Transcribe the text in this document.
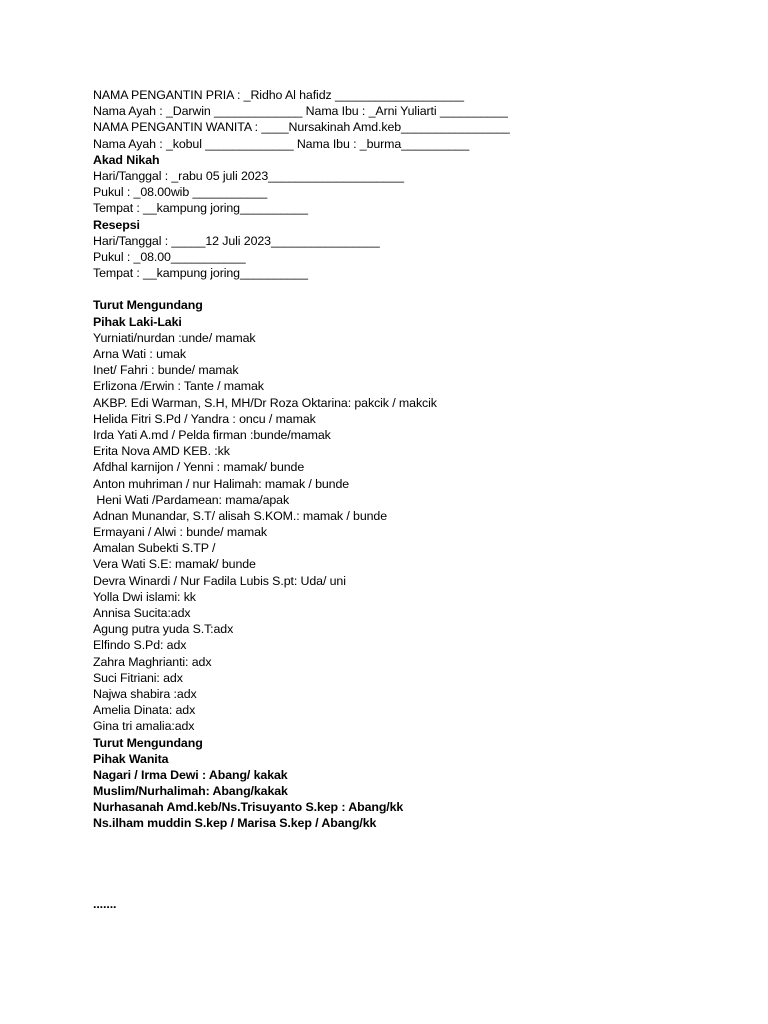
NAMA PENGANTIN PRIA : _Ridho Al hafidz ___________________
Nama Ayah : _Darwin _____________ Nama Ibu : _Arni Yuliarti __________
NAMA PENGANTIN WANITA : ____Nursakinah Amd.keb________________
Nama Ayah : _kobul _____________ Nama Ibu : _burma__________
Akad Nikah
Hari/Tanggal : _rabu 05 juli 2023____________________
Pukul : _08.00wib ___________
Tempat : __kampung joring__________
Resepsi
Hari/Tanggal : _____12 Juli 2023________________
Pukul : _08.00___________
Tempat : __kampung joring__________
Turut Mengundang
Pihak Laki-Laki
Yurniati/nurdan :unde/ mamak
Arna Wati : umak
Inet/ Fahri : bunde/ mamak
Erlizona /Erwin : Tante / mamak
AKBP. Edi Warman, S.H, MH/Dr Roza Oktarina: pakcik / makcik
Helida Fitri S.Pd / Yandra : oncu / mamak
Irda Yati A.md / Pelda firman :bunde/mamak
Erita Nova AMD KEB. :kk
Afdhal karnijon / Yenni : mamak/ bunde
Anton muhriman / nur Halimah: mamak / bunde
Heni Wati /Pardamean: mama/apak
Adnan Munandar, S.T/ alisah S.KOM.: mamak / bunde
Ermayani / Alwi : bunde/ mamak
Amalan Subekti S.TP /
Vera Wati S.E: mamak/ bunde
Devra Winardi / Nur Fadila Lubis S.pt: Uda/ uni
Yolla Dwi islami: kk
Annisa Sucita:adx
Agung putra yuda S.T:adx
Elfindo S.Pd: adx
Zahra Maghrianti: adx
Suci Fitriani: adx
Najwa shabira :adx
Amelia Dinata: adx
Gina tri amalia:adx
Turut Mengundang
Pihak Wanita
Nagari / Irma Dewi : Abang/ kakak
Muslim/Nurhalimah: Abang/kakak
Nurhasanah Amd.keb/Ns.Trisuyanto S.kep : Abang/kk
Ns.ilham muddin S.kep / Marisa S.kep / Abang/kk
.......
